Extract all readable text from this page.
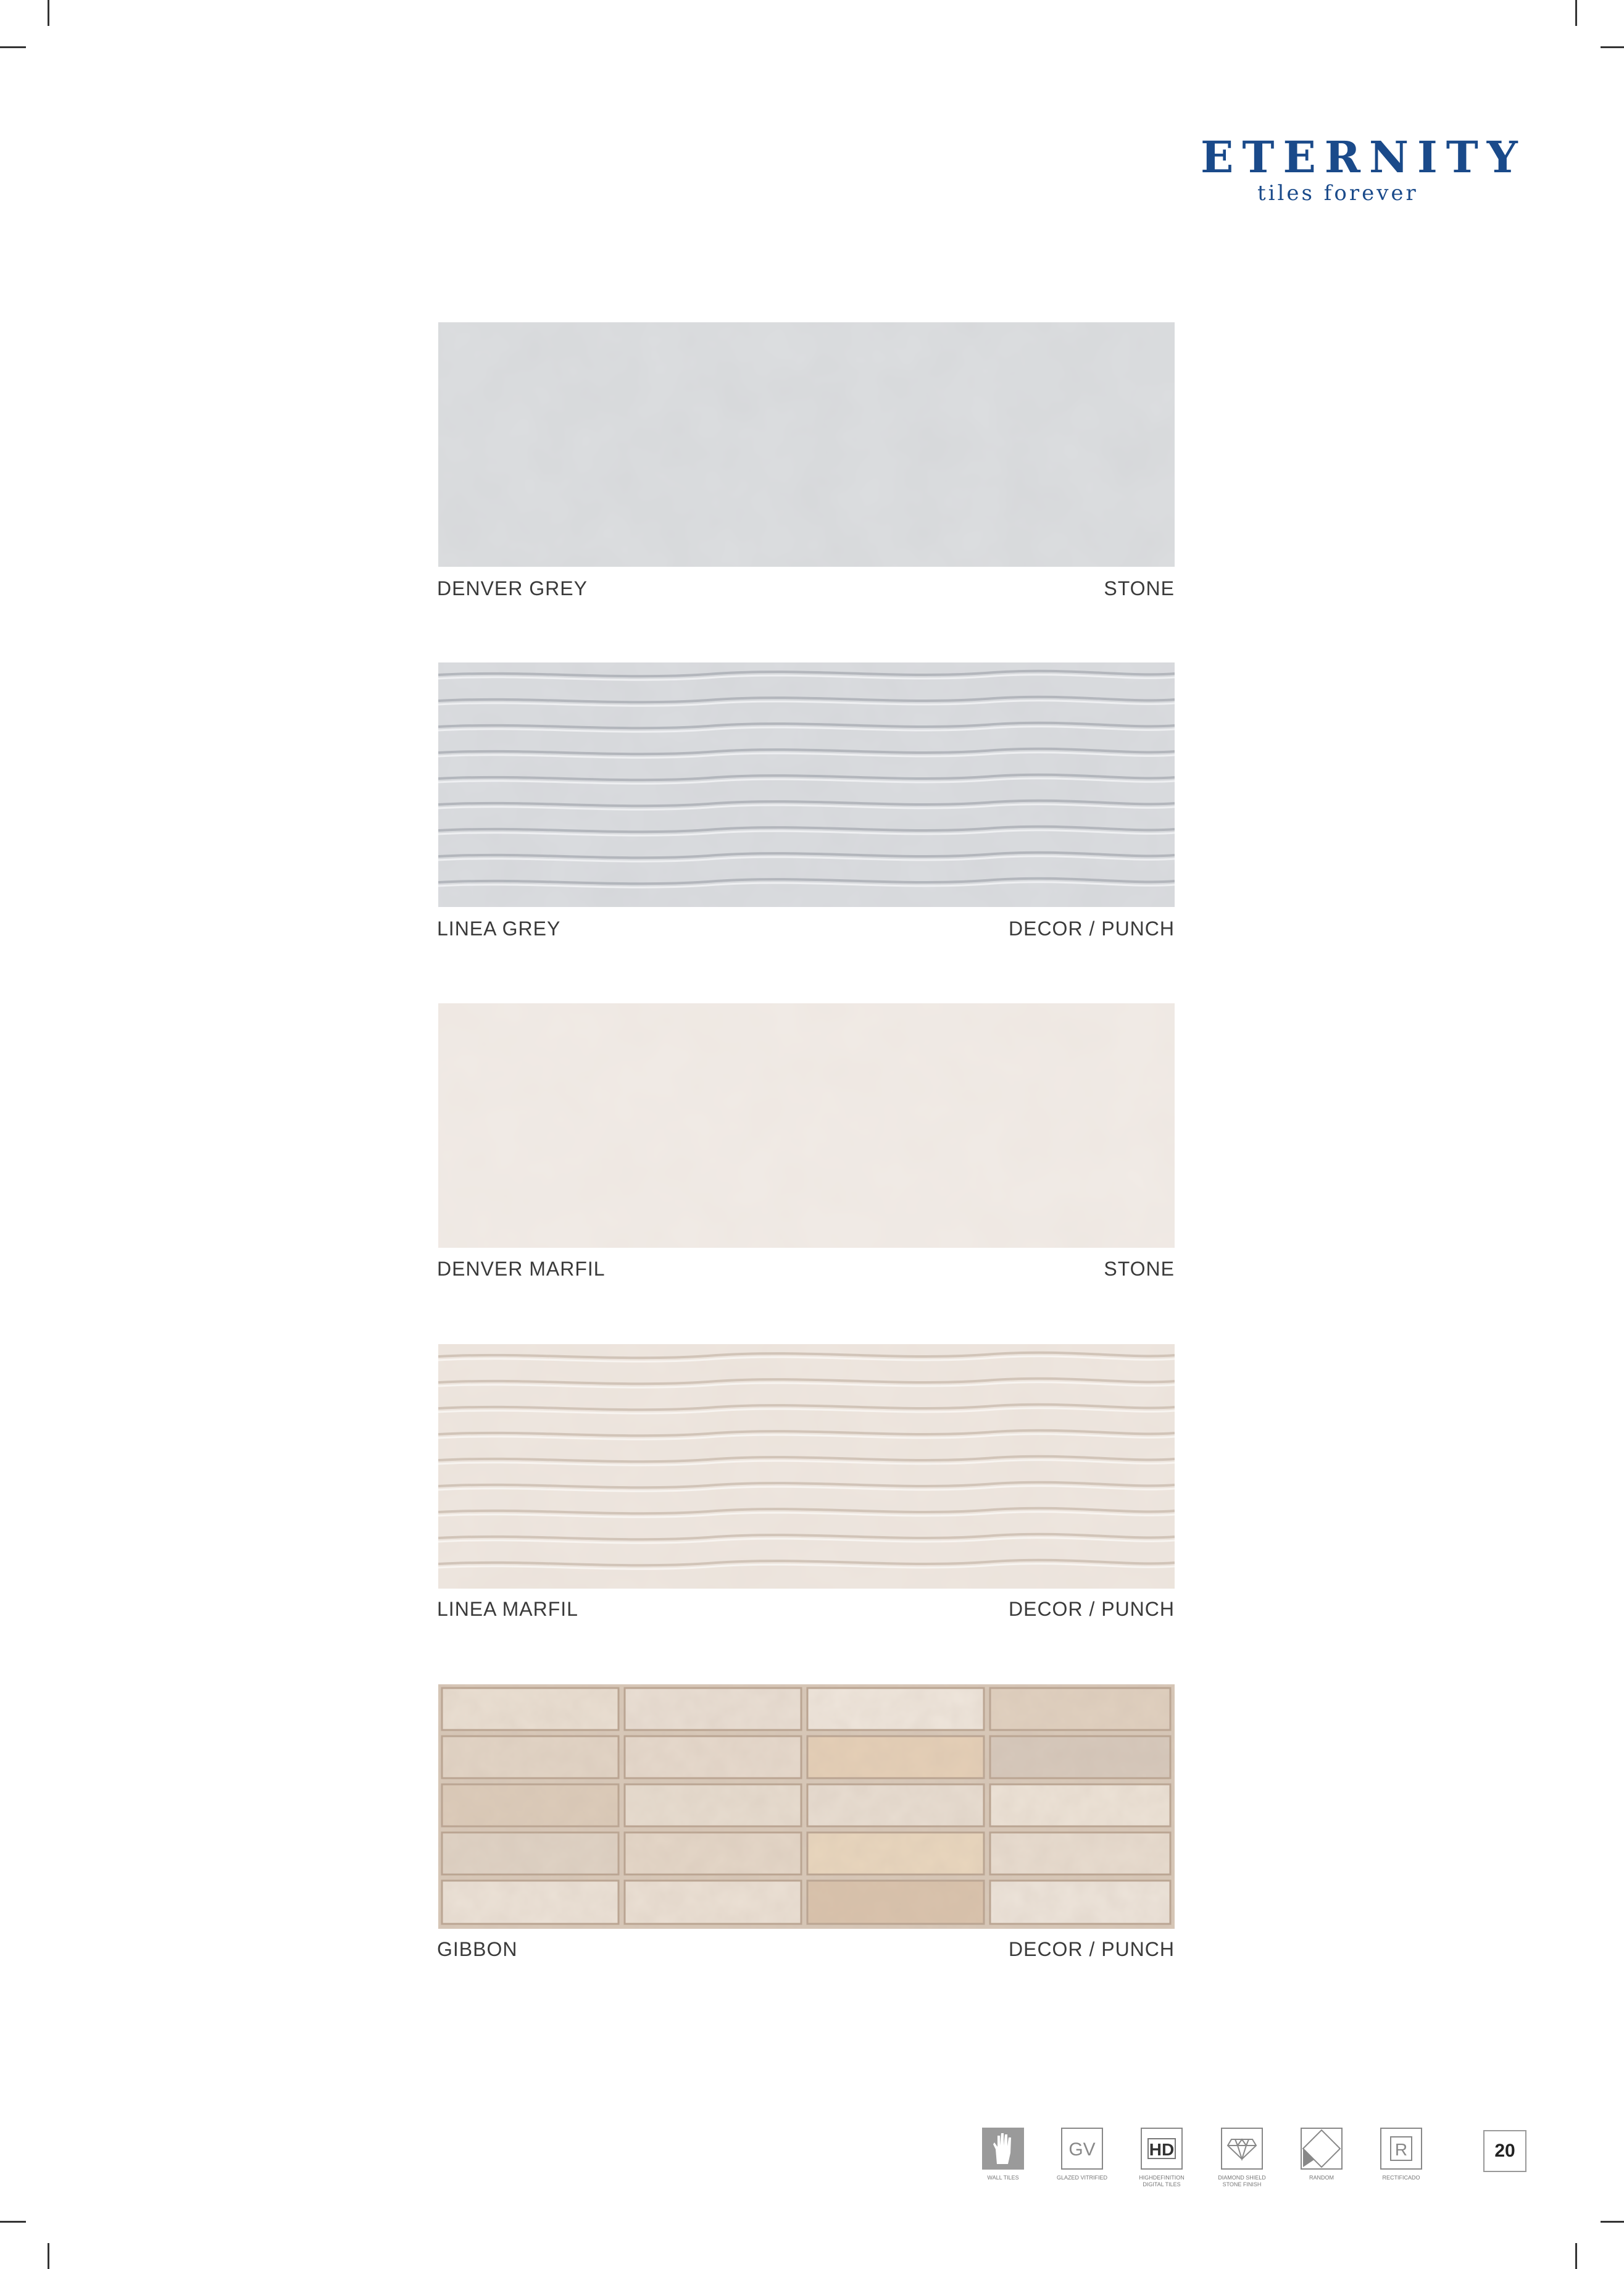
ETERNITY
tiles forever
DENVER GREY	STONE
LINEA GREY	DECOR / PUNCH
DENVER MARFIL	STONE
LINEA MARFIL	DECOR / PUNCH
GIBBON	DECOR / PUNCH
WALL TILES
GV
GLAZED VITRIFIED
HD
HIGHDEFINITION DIGITAL TILES
DIAMOND SHIELD STONE FINISH
RANDOM
R
RECTIFICADO
20
